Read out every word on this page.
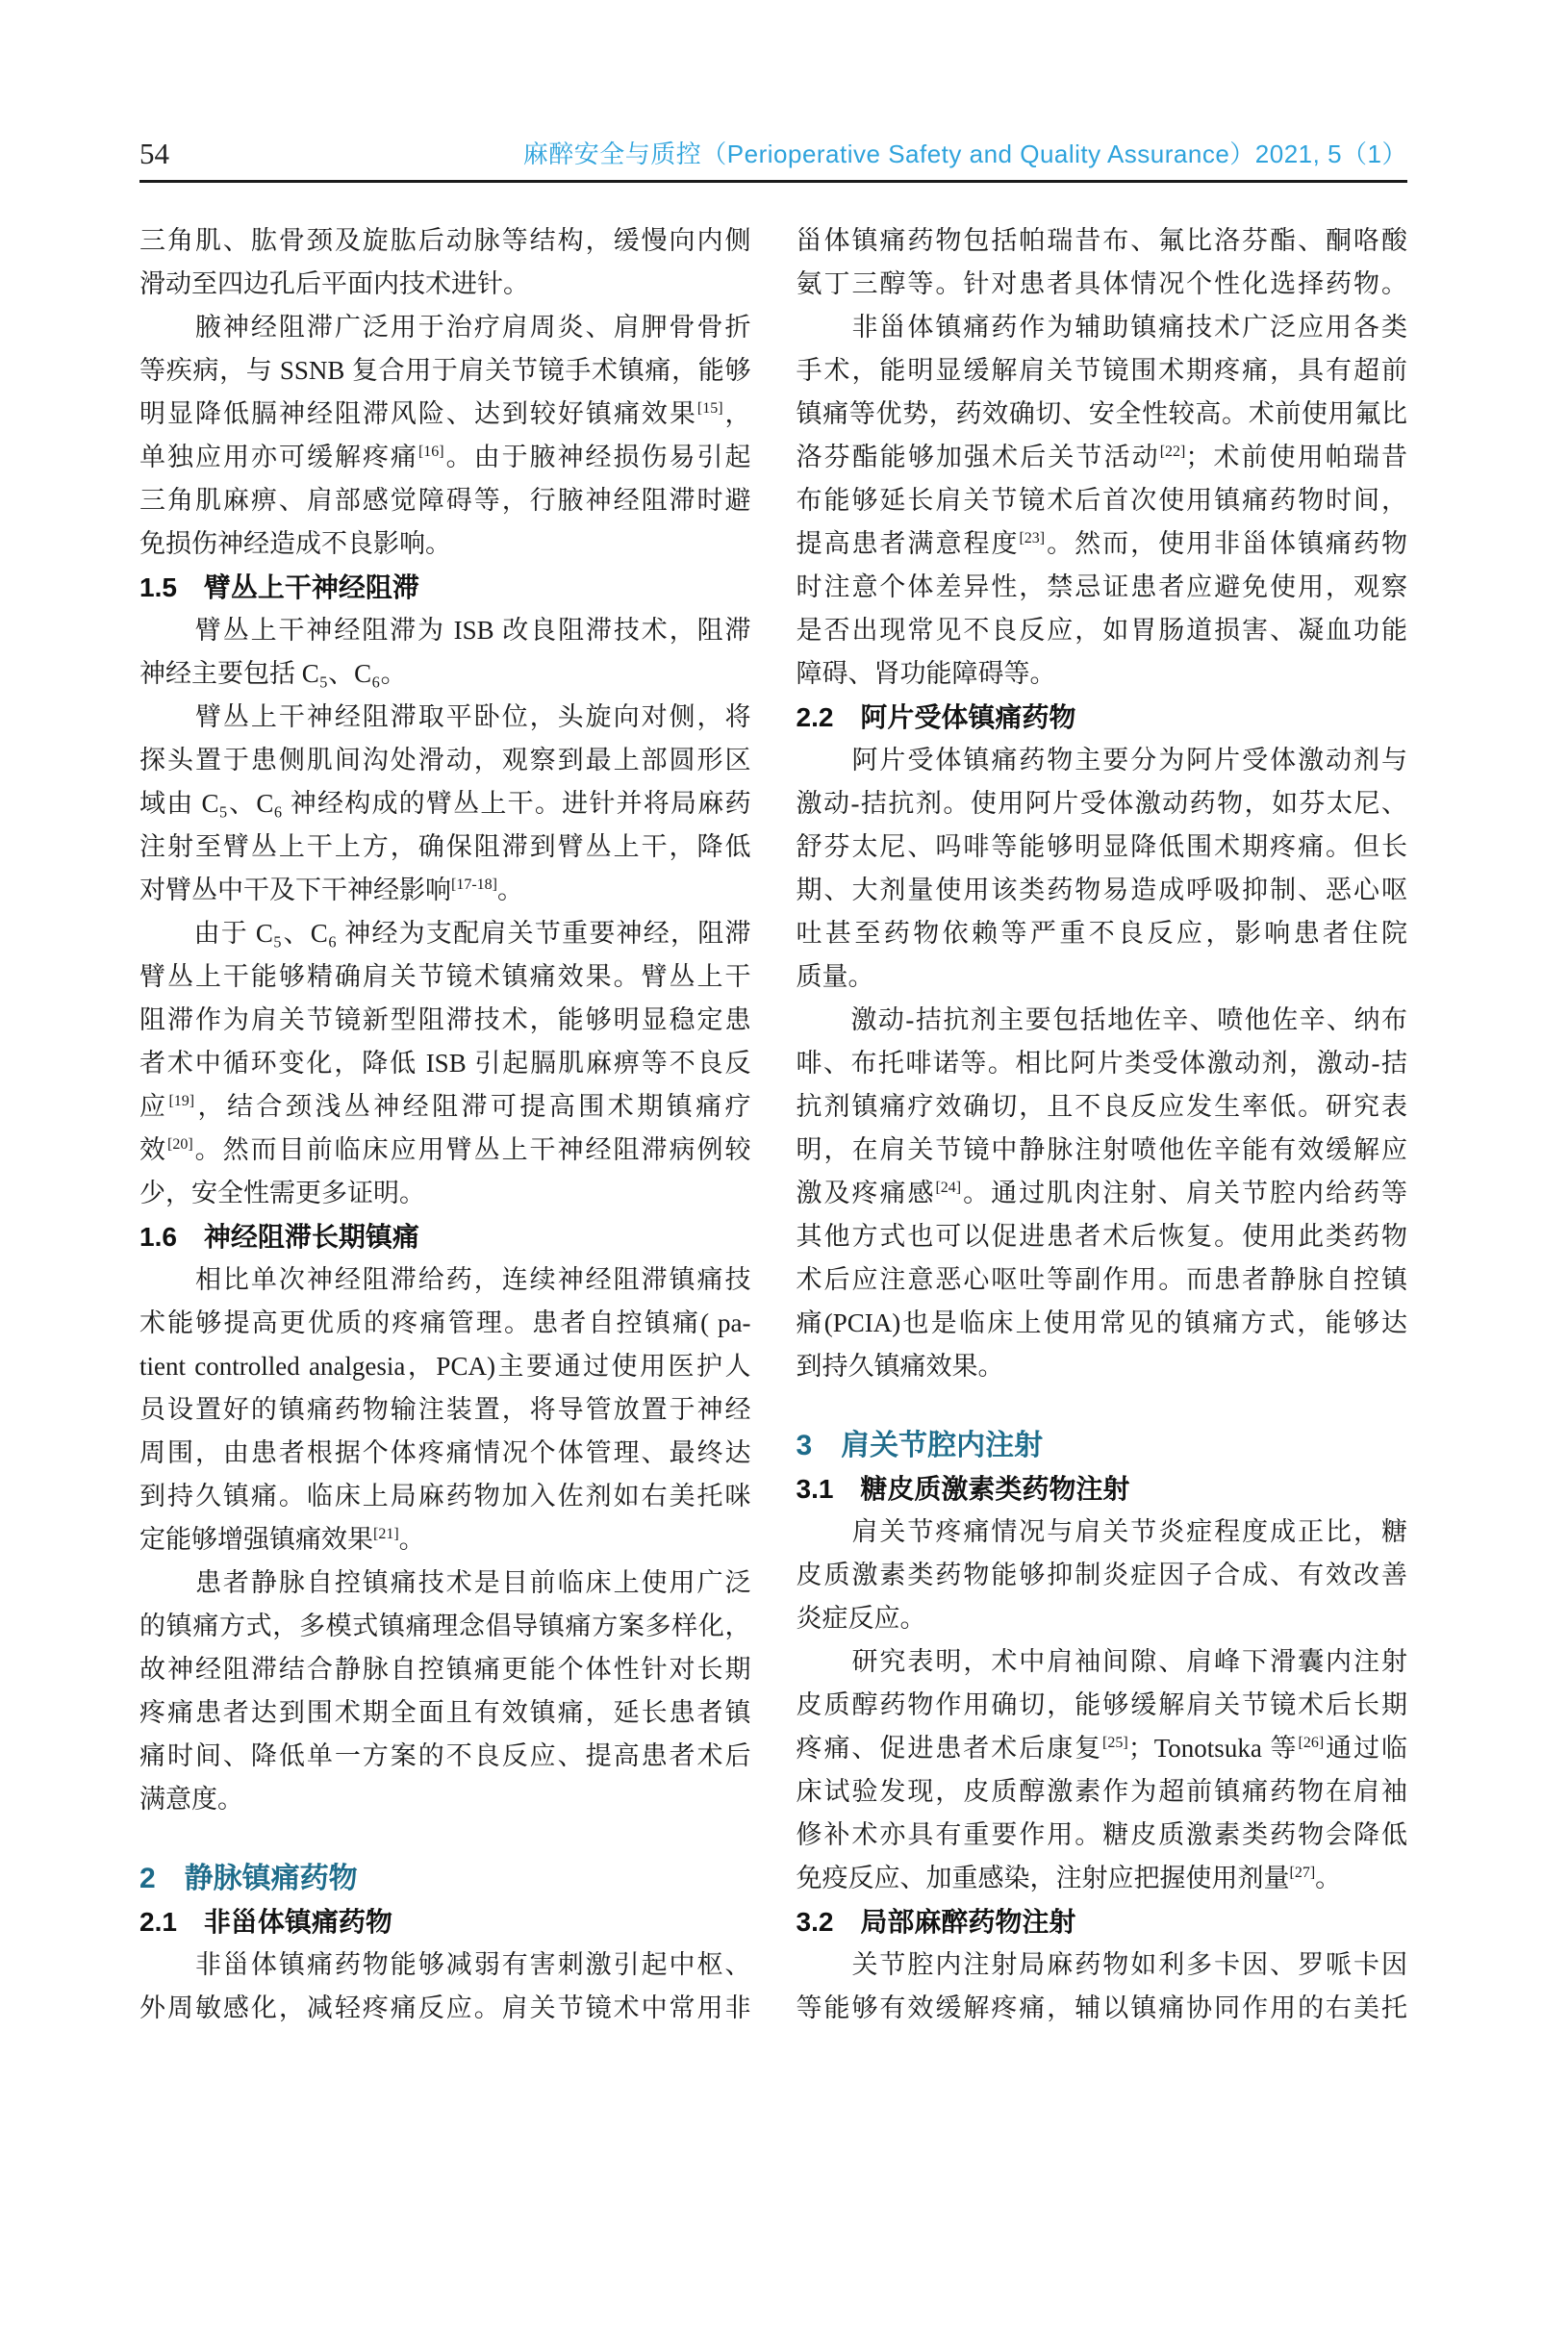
54	麻醉安全与质控（Perioperative Safety and Quality Assurance）2021, 5（1）
三角肌、肱骨颈及旋肱后动脉等结构，缓慢向内侧
滑动至四边孔后平面内技术进针。
　　腋神经阻滞广泛用于治疗肩周炎、肩胛骨骨折
等疾病，与 SSNB 复合用于肩关节镜手术镇痛，能够
明显降低膈神经阻滞风险、达到较好镇痛效果[15]，
单独应用亦可缓解疼痛[16]。由于腋神经损伤易引起
三角肌麻痹、肩部感觉障碍等，行腋神经阻滞时避
免损伤神经造成不良影响。
1.5　臂丛上干神经阻滞
　　臂丛上干神经阻滞为 ISB 改良阻滞技术，阻滞
神经主要包括 C₅、C₆。
　　臂丛上干神经阻滞取平卧位，头旋向对侧，将
探头置于患侧肌间沟处滑动，观察到最上部圆形区
域由 C₅、C₆ 神经构成的臂丛上干。进针并将局麻药
注射至臂丛上干上方，确保阻滞到臂丛上干，降低
对臂丛中干及下干神经影响[17-18]。
　　由于 C₅、C₆ 神经为支配肩关节重要神经，阻滞
臂丛上干能够精确肩关节镜术镇痛效果。臂丛上干
阻滞作为肩关节镜新型阻滞技术，能够明显稳定患
者术中循环变化，降低 ISB 引起膈肌麻痹等不良反
应[19]，结合颈浅丛神经阻滞可提高围术期镇痛疗
效[20]。然而目前临床应用臂丛上干神经阻滞病例较
少，安全性需更多证明。
1.6　神经阻滞长期镇痛
　　相比单次神经阻滞给药，连续神经阻滞镇痛技
术能够提高更优质的疼痛管理。患者自控镇痛( pa-
tient controlled analgesia，PCA)主要通过使用医护人
员设置好的镇痛药物输注装置，将导管放置于神经
周围，由患者根据个体疼痛情况个体管理、最终达
到持久镇痛。临床上局麻药物加入佐剂如右美托咪
定能够增强镇痛效果[21]。
　　患者静脉自控镇痛技术是目前临床上使用广泛
的镇痛方式，多模式镇痛理念倡导镇痛方案多样化，
故神经阻滞结合静脉自控镇痛更能个体性针对长期
疼痛患者达到围术期全面且有效镇痛，延长患者镇
痛时间、降低单一方案的不良反应、提高患者术后
满意度。
2　静脉镇痛药物
2.1　非甾体镇痛药物
　　非甾体镇痛药物能够减弱有害刺激引起中枢、
外周敏感化，减轻疼痛反应。肩关节镜术中常用非
甾体镇痛药物包括帕瑞昔布、氟比洛芬酯、酮咯酸
氨丁三醇等。针对患者具体情况个性化选择药物。
　　非甾体镇痛药作为辅助镇痛技术广泛应用各类
手术，能明显缓解肩关节镜围术期疼痛，具有超前
镇痛等优势，药效确切、安全性较高。术前使用氟比
洛芬酯能够加强术后关节活动[22]；术前使用帕瑞昔
布能够延长肩关节镜术后首次使用镇痛药物时间，
提高患者满意程度[23]。然而，使用非甾体镇痛药物
时注意个体差异性，禁忌证患者应避免使用，观察
是否出现常见不良反应，如胃肠道损害、凝血功能
障碍、肾功能障碍等。
2.2　阿片受体镇痛药物
　　阿片受体镇痛药物主要分为阿片受体激动剂与
激动-拮抗剂。使用阿片受体激动药物，如芬太尼、
舒芬太尼、吗啡等能够明显降低围术期疼痛。但长
期、大剂量使用该类药物易造成呼吸抑制、恶心呕
吐甚至药物依赖等严重不良反应，影响患者住院
质量。
　　激动-拮抗剂主要包括地佐辛、喷他佐辛、纳布
啡、布托啡诺等。相比阿片类受体激动剂，激动-拮
抗剂镇痛疗效确切，且不良反应发生率低。研究表
明，在肩关节镜中静脉注射喷他佐辛能有效缓解应
激及疼痛感[24]。通过肌肉注射、肩关节腔内给药等
其他方式也可以促进患者术后恢复。使用此类药物
术后应注意恶心呕吐等副作用。而患者静脉自控镇
痛(PCIA)也是临床上使用常见的镇痛方式，能够达
到持久镇痛效果。
3　肩关节腔内注射
3.1　糖皮质激素类药物注射
　　肩关节疼痛情况与肩关节炎症程度成正比，糖
皮质激素类药物能够抑制炎症因子合成、有效改善
炎症反应。
　　研究表明，术中肩袖间隙、肩峰下滑囊内注射
皮质醇药物作用确切，能够缓解肩关节镜术后长期
疼痛、促进患者术后康复[25]；Tonotsuka 等[26]通过临
床试验发现，皮质醇激素作为超前镇痛药物在肩袖
修补术亦具有重要作用。糖皮质激素类药物会降低
免疫反应、加重感染，注射应把握使用剂量[27]。
3.2　局部麻醉药物注射
　　关节腔内注射局麻药物如利多卡因、罗哌卡因
等能够有效缓解疼痛，辅以镇痛协同作用的右美托
